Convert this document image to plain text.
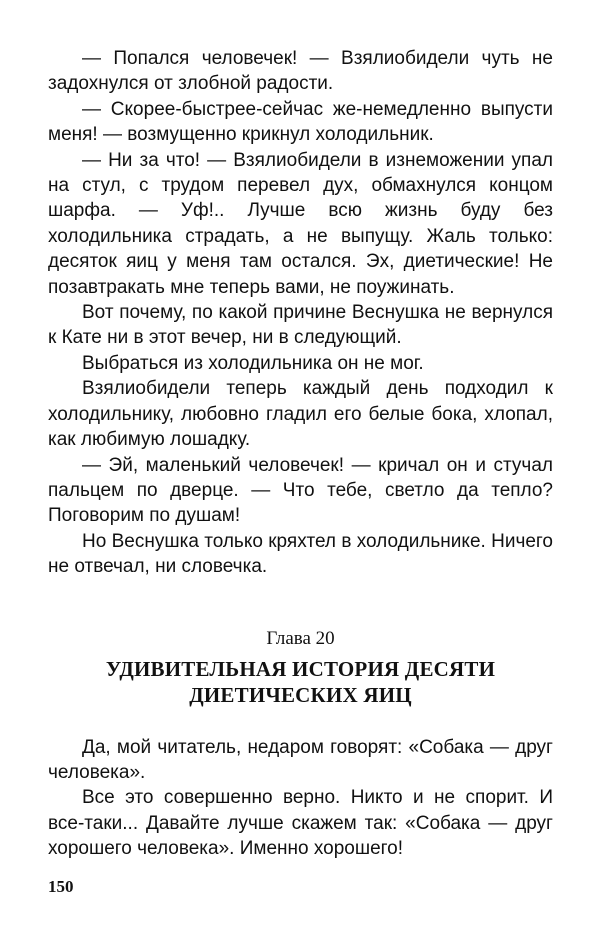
— Попался человечек! — Взялиобидели чуть не задохнулся от злобной радости.

— Скорее-быстрее-сейчас же-немедленно выпусти меня! — возмущенно крикнул холодильник.

— Ни за что! — Взялиобидели в изнеможении упал на стул, с трудом перевел дух, обмахнулся концом шарфа. — Уф!.. Лучше всю жизнь буду без холодильника страдать, а не выпущу. Жаль только: десяток яиц у меня там остался. Эх, диетические! Не позавтракать мне теперь вами, не поужинать.

Вот почему, по какой причине Веснушка не вернулся к Кате ни в этот вечер, ни в следующий.

Выбраться из холодильника он не мог.

Взялиобидели теперь каждый день подходил к холодильнику, любовно гладил его белые бока, хлопал, как любимую лошадку.

— Эй, маленький человечек! — кричал он и стучал пальцем по дверце. — Что тебе, светло да тепло? Поговорим по душам!

Но Веснушка только кряхтел в холодильнике. Ничего не отвечал, ни словечка.

Глава 20

УДИВИТЕЛЬНАЯ ИСТОРИЯ ДЕСЯТИ
ДИЕТИЧЕСКИХ ЯИЦ

Да, мой читатель, недаром говорят: «Собака — друг человека».

Все это совершенно верно. Никто и не спорит. И все-таки... Давайте лучше скажем так: «Собака — друг хорошего человека». Именно хорошего!

150
